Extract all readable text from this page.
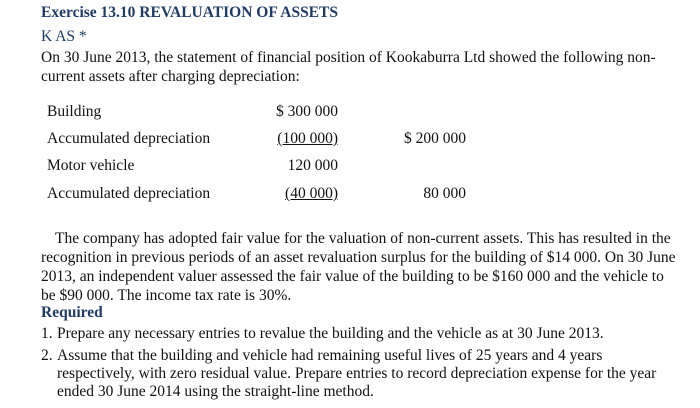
Exercise 13.10 REVALUATION OF ASSETS
K AS *
On 30 June 2013, the statement of financial position of Kookaburra Ltd showed the following non-current assets after charging depreciation:
Building	$ 300 000
Accumulated depreciation	(100 000)	$ 200 000
Motor vehicle	120 000
Accumulated depreciation	(40 000)	80 000
The company has adopted fair value for the valuation of non-current assets. This has resulted in the recognition in previous periods of an asset revaluation surplus for the building of $14 000. On 30 June 2013, an independent valuer assessed the fair value of the building to be $160 000 and the vehicle to be $90 000. The income tax rate is 30%.
Required
1. Prepare any necessary entries to revalue the building and the vehicle as at 30 June 2013.
2. Assume that the building and vehicle had remaining useful lives of 25 years and 4 years respectively, with zero residual value. Prepare entries to record depreciation expense for the year ended 30 June 2014 using the straight-line method.
